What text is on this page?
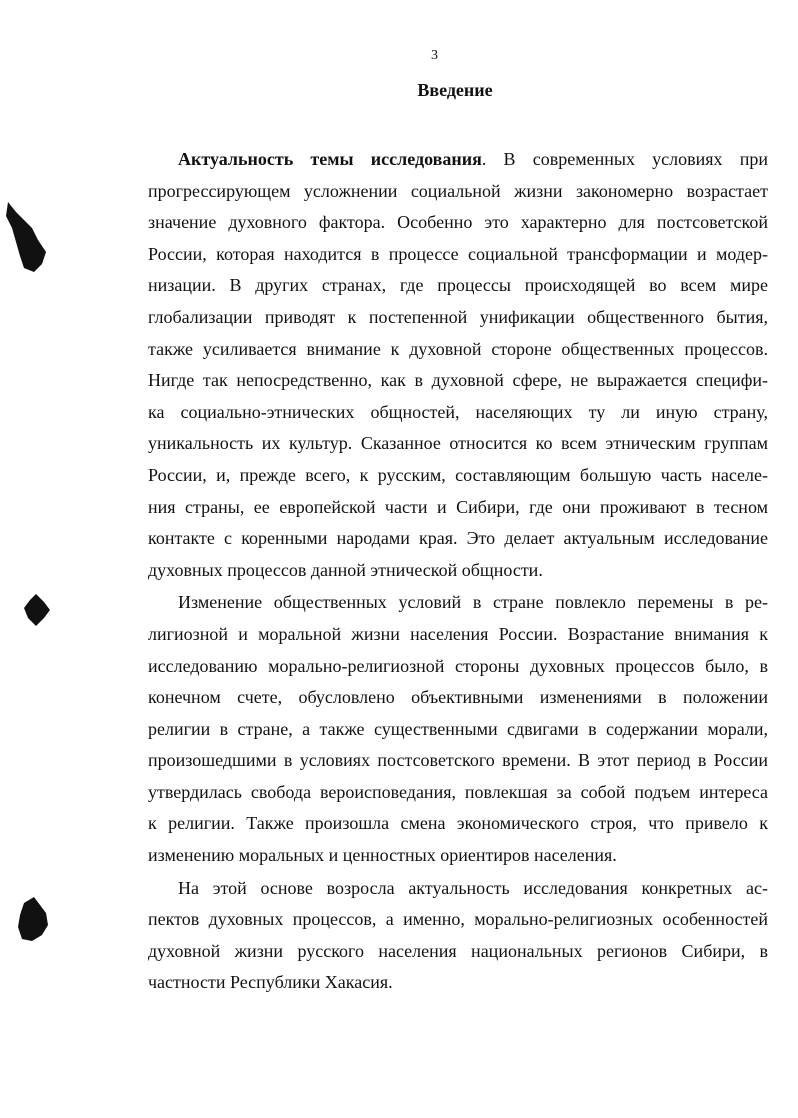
3
Введение
Актуальность темы исследования. В современных условиях при
прогрессирующем усложнении социальной жизни закономерно возрастает
значение духовного фактора. Особенно это характерно для постсоветской
России, которая находится в процессе социальной трансформации и модер-
низации. В других странах, где процессы происходящей во всем мире
глобализации приводят к постепенной унификации общественного бытия,
также усиливается внимание к духовной стороне общественных процессов.
Нигде так непосредственно, как в духовной сфере, не выражается специфи-
ка социально-этнических общностей, населяющих ту ли иную страну,
уникальность их культур. Сказанное относится ко всем этническим группам
России, и, прежде всего, к русским, составляющим большую часть населе-
ния страны, ее европейской части и Сибири, где они проживают в тесном
контакте с коренными народами края. Это делает актуальным исследование
духовных процессов данной этнической общности.
Изменение общественных условий в стране повлекло перемены в ре-
лигиозной и моральной жизни населения России. Возрастание внимания к
исследованию морально-религиозной стороны духовных процессов было, в
конечном счете, обусловлено объективными изменениями в положении
религии в стране, а также существенными сдвигами в содержании морали,
произошедшими в условиях постсоветского времени. В этот период в России
утвердилась свобода вероисповедания, повлекшая за собой подъем интереса
к религии. Также произошла смена экономического строя, что привело к
изменению моральных и ценностных ориентиров населения.
На этой основе возросла актуальность исследования конкретных ас-
пектов духовных процессов, а именно, морально-религиозных особенностей
духовной жизни русского населения национальных регионов Сибири, в
частности Республики Хакасия.
